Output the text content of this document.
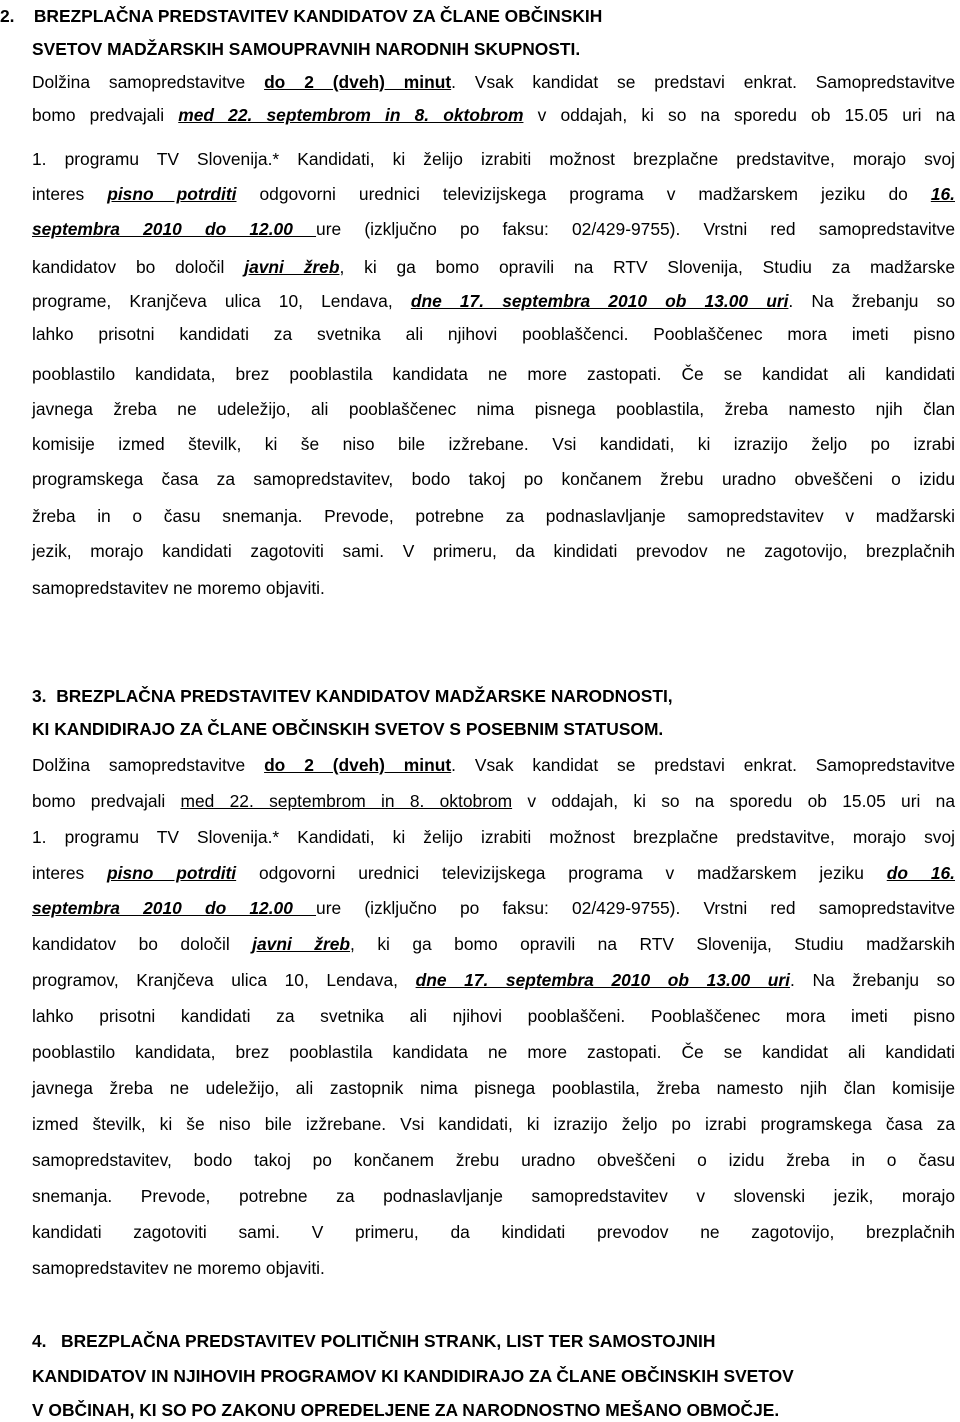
2. BREZPLAČNA PREDSTAVITEV KANDIDATOV ZA ČLANE OBČINSKIH
SVETOV MADŽARSKIH SAMOUPRAVNIH NARODNIH SKUPNOSTI.
Dolžina samopredstavitve do 2 (dveh) minut. Vsak kandidat se predstavi enkrat. Samopredstavitve
bomo predvajali med 22. septembrom in 8. oktobrom v oddajah, ki so na sporedu ob 15.05 uri na
1. programu TV Slovenija.* Kandidati, ki želijo izrabiti možnost brezplačne predstavitve, morajo svoj
interes pisno potrditi odgovorni urednici televizijskega programa v madžarskem jeziku do 16.
septembra 2010 do 12.00 ure (izključno po faksu: 02/429-9755). Vrstni red samopredstavitve
kandidatov bo določil javni žreb, ki ga bomo opravili na RTV Slovenija, Studiu za madžarske
programe, Kranjčeva ulica 10, Lendava, dne 17. septembra 2010 ob 13.00 uri. Na žrebanju so
lahko prisotni kandidati za svetnika ali njihovi pooblaščenci. Pooblaščenec mora imeti pisno
pooblastilo kandidata, brez pooblastila kandidata ne more zastopati. Če se kandidat ali kandidati
javnega žreba ne udeležijo, ali pooblaščenec nima pisnega pooblastila, žreba namesto njih član
komisije izmed številk, ki še niso bile izžrebane. Vsi kandidati, ki izrazijo željo po izrabi
programskega časa za samopredstavitev, bodo takoj po končanem žrebu uradno obveščeni o izidu
žreba in o času snemanja. Prevode, potrebne za podnaslavljanje samopredstavitev v madžarski
jezik, morajo kandidati zagotoviti sami. V primeru, da kindidati prevodov ne zagotovijo, brezplačnih
samopredstavitev ne moremo objaviti.
3. BREZPLAČNA PREDSTAVITEV KANDIDATOV MADŽARSKE NARODNOSTI,
KI KANDIDIRAJO ZA ČLANE OBČINSKIH SVETOV S POSEBNIM STATUSOM.
Dolžina samopredstavitve do 2 (dveh) minut. Vsak kandidat se predstavi enkrat. Samopredstavitve
bomo predvajali med 22. septembrom in 8. oktobrom v oddajah, ki so na sporedu ob 15.05 uri na
1. programu TV Slovenija.* Kandidati, ki želijo izrabiti možnost brezplačne predstavitve, morajo svoj
interes pisno potrditi odgovorni urednici televizijskega programa v madžarskem jeziku do 16.
septembra 2010 do 12.00 ure (izključno po faksu: 02/429-9755). Vrstni red samopredstavitve
kandidatov bo določil javni žreb, ki ga bomo opravili na RTV Slovenija, Studiu madžarskih
programov, Kranjčeva ulica 10, Lendava, dne 17. septembra 2010 ob 13.00 uri. Na žrebanju so
lahko prisotni kandidati za svetnika ali njihovi pooblaščeni. Pooblaščenec mora imeti pisno
pooblastilo kandidata, brez pooblastila kandidata ne more zastopati. Če se kandidat ali kandidati
javnega žreba ne udeležijo, ali zastopnik nima pisnega pooblastila, žreba namesto njih član komisije
izmed številk, ki še niso bile izžrebane. Vsi kandidati, ki izrazijo željo po izrabi programskega časa za
samopredstavitev, bodo takoj po končanem žrebu uradno obveščeni o izidu žreba in o času
snemanja. Prevode, potrebne za podnaslavljanje samopredstavitev v slovenski jezik, morajo
kandidati zagotoviti sami. V primeru, da kindidati prevodov ne zagotovijo, brezplačnih
samopredstavitev ne moremo objaviti.
4. BREZPLAČNA PREDSTAVITEV POLITIČNIH STRANK, LIST TER SAMOSTOJNIH
KANDIDATOV IN NJIHOVIH PROGRAMOV KI KANDIDIRAJO ZA ČLANE OBČINSKIH SVETOV
V OBČINAH, KI SO PO ZAKONU OPREDELJENE ZA NARODNOSTNO MEŠANO OBMOČJE.
